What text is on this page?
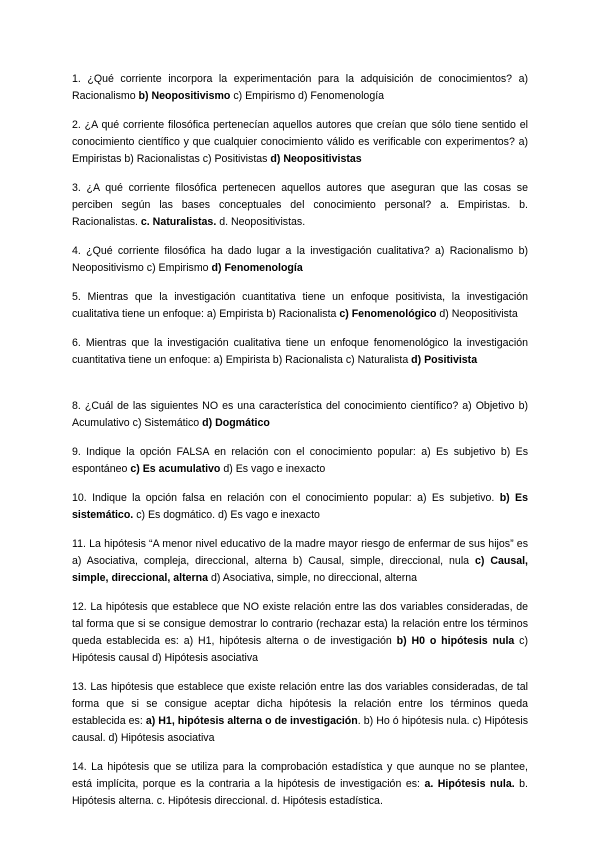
1. ¿Qué corriente incorpora la experimentación para la adquisición de conocimientos? a) Racionalismo b) Neopositivismo c) Empirismo d) Fenomenología

2. ¿A qué corriente filosófica pertenecían aquellos autores que creían que sólo tiene sentido el conocimiento científico y que cualquier conocimiento válido es verificable con experimentos? a) Empiristas b) Racionalistas c) Positivistas d) Neopositivistas

3. ¿A qué corriente filosófica pertenecen aquellos autores que aseguran que las cosas se perciben según las bases conceptuales del conocimiento personal? a. Empiristas. b. Racionalistas. c. Naturalistas. d. Neopositivistas.

4. ¿Qué corriente filosófica ha dado lugar a la investigación cualitativa? a) Racionalismo b) Neopositivismo c) Empirismo d) Fenomenología

5. Mientras que la investigación cuantitativa tiene un enfoque positivista, la investigación cualitativa tiene un enfoque: a) Empirista b) Racionalista c) Fenomenológico d) Neopositivista

6. Mientras que la investigación cualitativa tiene un enfoque fenomenológico la investigación cuantitativa tiene un enfoque: a) Empirista b) Racionalista c) Naturalista d) Positivista

8. ¿Cuál de las siguientes NO es una característica del conocimiento científico? a) Objetivo b) Acumulativo c) Sistemático d) Dogmático

9. Indique la opción FALSA en relación con el conocimiento popular: a) Es subjetivo b) Es espontáneo c) Es acumulativo d) Es vago e inexacto

10. Indique la opción falsa en relación con el conocimiento popular: a) Es subjetivo. b) Es sistemático. c) Es dogmático. d) Es vago e inexacto

11. La hipótesis “A menor nivel educativo de la madre mayor riesgo de enfermar de sus hijos” es a) Asociativa, compleja, direccional, alterna b) Causal, simple, direccional, nula c) Causal, simple, direccional, alterna d) Asociativa, simple, no direccional, alterna

12. La hipótesis que establece que NO existe relación entre las dos variables consideradas, de tal forma que si se consigue demostrar lo contrario (rechazar esta) la relación entre los términos queda establecida es: a) H1, hipótesis alterna o de investigación b) H0 o hipótesis nula c) Hipótesis causal d) Hipótesis asociativa

13. Las hipótesis que establece que existe relación entre las dos variables consideradas, de tal forma que si se consigue aceptar dicha hipótesis la relación entre los términos queda establecida es: a) H1, hipótesis alterna o de investigación. b) Ho ó hipótesis nula. c) Hipótesis causal. d) Hipótesis asociativa

14. La hipótesis que se utiliza para la comprobación estadística y que aunque no se plantee, está implícita, porque es la contraria a la hipótesis de investigación es: a. Hipótesis nula. b. Hipótesis alterna. c. Hipótesis direccional. d. Hipótesis estadística.
